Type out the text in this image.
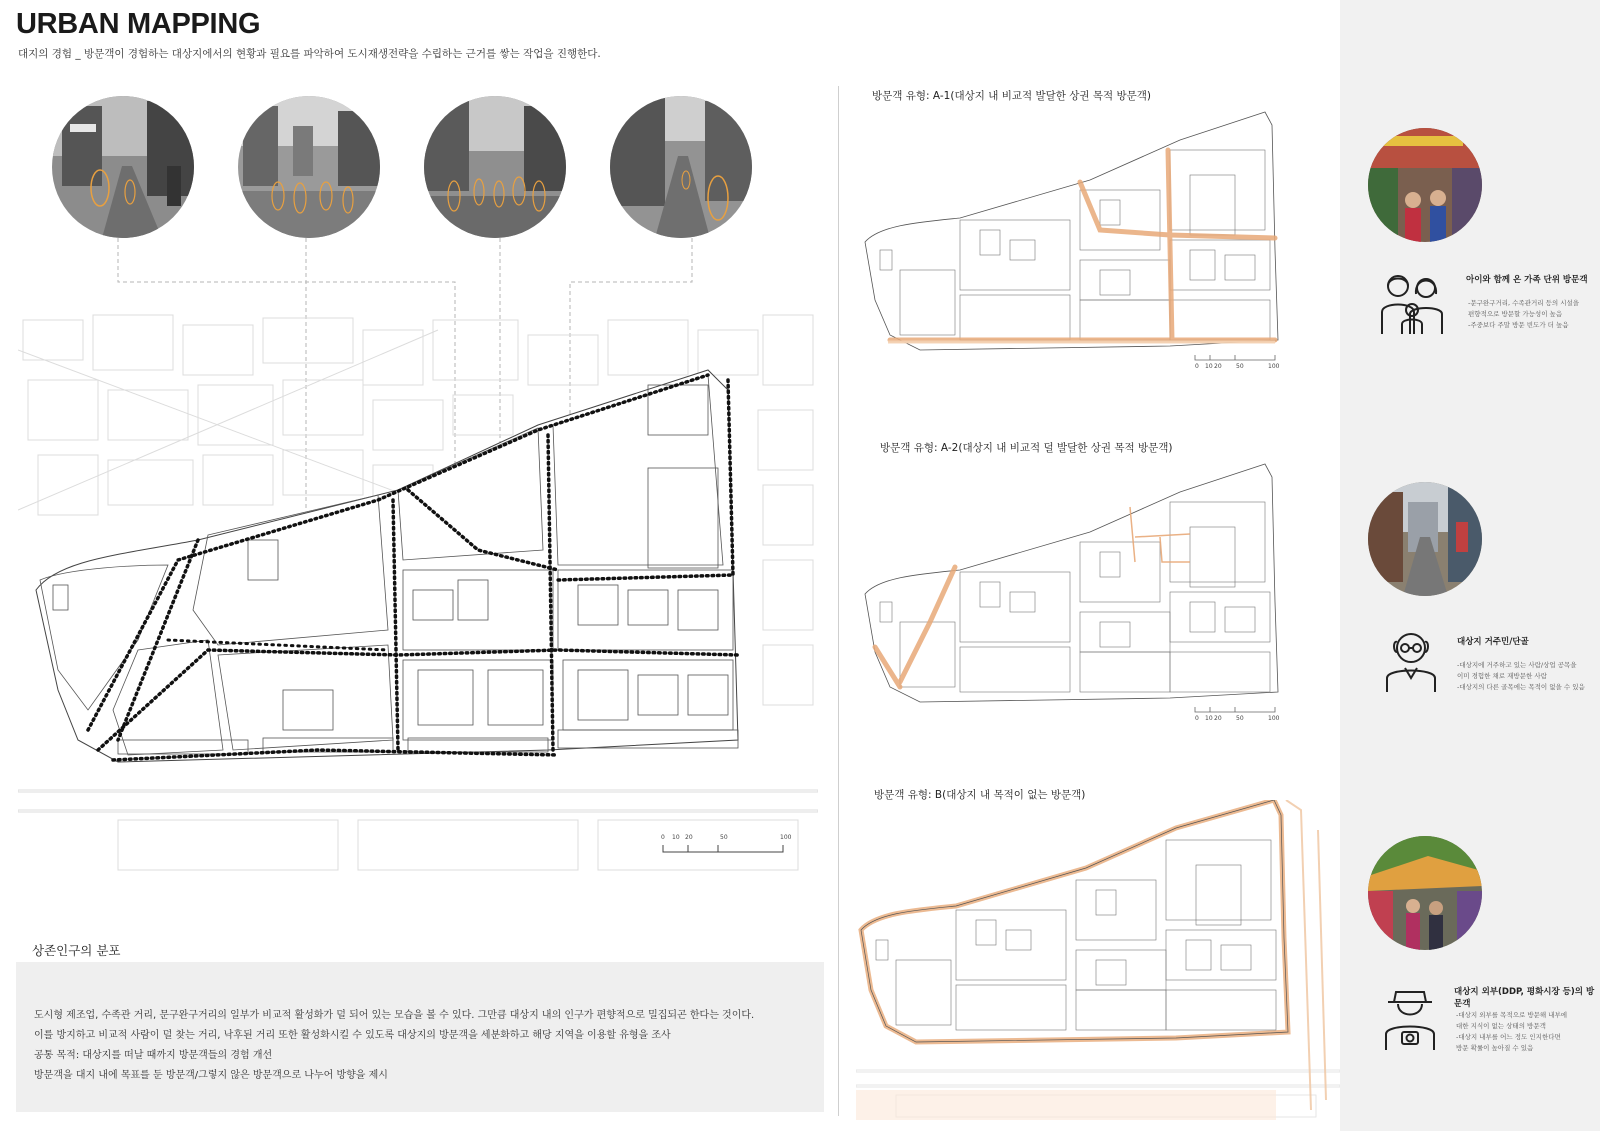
URBAN MAPPING
대지의 경험 _ 방문객이 경험하는 대상지에서의 현황과 필요를 파악하여 도시재생전략을 수립하는 근거를 쌓는 작업을 진행한다.
0 10 20	50	100
방문객 유형: A-1(대상지 내 비교적 발달한 상권 목적 방문객)
방문객 유형: A-2(대상지 내 비교적 덜 발달한 상권 목적 방문객)
방문객 유형: B(대상지 내 목적이 없는 방문객)
0 10 20 50	100
0 10 20 50	100
상존인구의 분포
도시형 제조업, 수족관 거리, 문구완구거리의 일부가 비교적 활성화가 덜 되어 있는 모습을 볼 수 있다. 그만큼 대상지 내의 인구가 편향적으로 밀집되곤 한다는 것이다.
이를 방지하고 비교적 사람이 덜 찾는 거리, 낙후된 거리 또한 활성화시킬 수 있도록 대상지의 방문객을 세분화하고 해당 지역을 이용할 유형을 조사
공통 목적: 대상지를 떠날 때까지 방문객들의 경험 개선
방문객을 대지 내에 목표를 둔 방문객/그렇지 않은 방문객으로 나누어 방향을 제시
아이와 함께 온 가족 단위 방문객
-문구완구거리, 수족관거리 등의 시설을
편향적으로 방문할 가능성이 높음
-주중보다 주말 방문 빈도가 더 높음
대상지 거주민/단골
-대상지에 거주하고 있는 사람/상업 공목을
이미 경험한 채로 재방문한 사람
-대상지의 다른 골목에는 목적이 없을 수 있음
대상지 외부(DDP, 평화시장 등)의 방문객
-대상지 외부를 목적으로 방문해 내부에
대한 지식이 없는 상태의 방문객
-대상지 내부를 어느 정도 인지한다면
방문 확률이 높아질 수 있음
